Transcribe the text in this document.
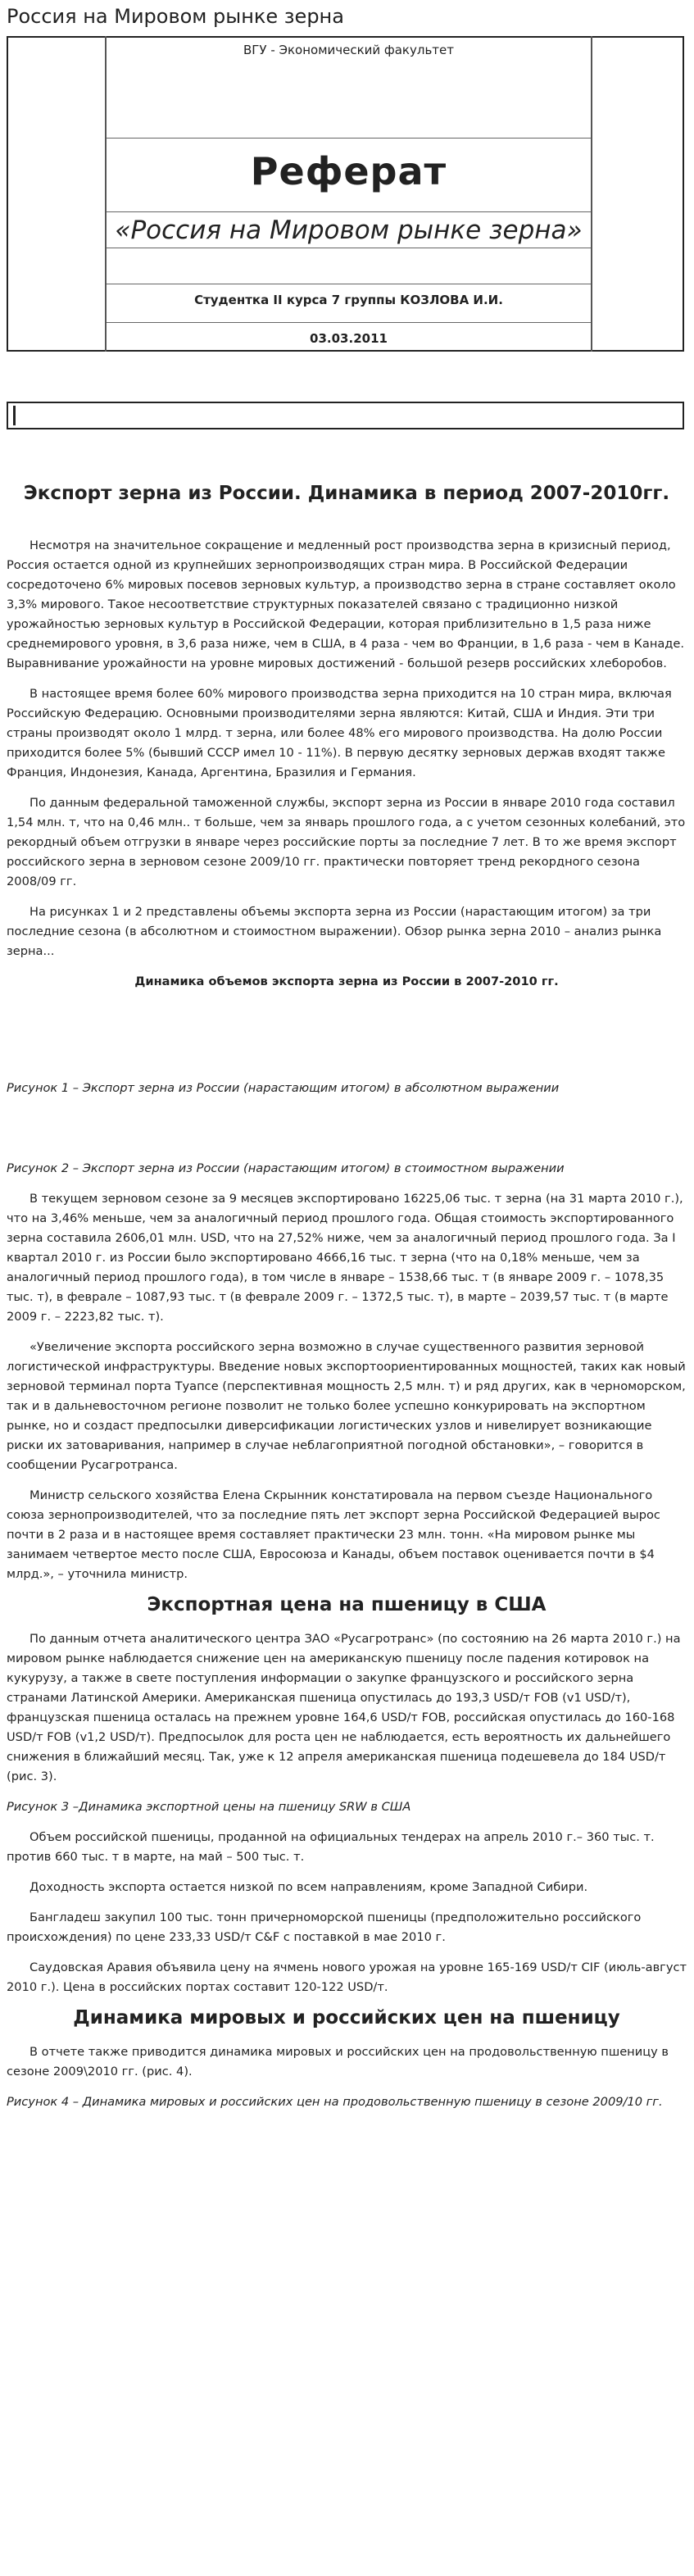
Россия на Мировом рынке зерна
ВГУ - Экономический факультет
Реферат
«Россия на Мировом рынке зерна»
Студентка II курса 7 группы КОЗЛОВА И.И.
03.03.2011
Экспорт зерна из России. Динамика в период 2007-2010гг.

Несмотря на значительное сокращение и медленный рост производства зерна в кризисный период, Россия остается одной из крупнейших зернопроизводящих стран мира. В Российской Федерации сосредоточено 6% мировых посевов зерновых культур, а производство зерна в стране составляет около 3,3% мирового. Такое несоответствие структурных показателей связано с традиционно низкой урожайностью зерновых культур в Российской Федерации, которая приблизительно в 1,5 раза ниже среднемирового уровня, в 3,6 раза ниже, чем в США, в 4 раза - чем во Франции, в 1,6 раза - чем в Канаде. Выравнивание урожайности на уровне мировых достижений - большой резерв российских хлеборобов.

В настоящее время более 60% мирового производства зерна приходится на 10 стран мира, включая Российскую Федерацию. Основными производителями зерна являются: Китай, США и Индия. Эти три страны производят около 1 млрд. т зерна, или более 48% его мирового производства. На долю России приходится более 5% (бывший СССР имел 10 - 11%). В первую десятку зерновых держав входят также Франция, Индонезия, Канада, Аргентина, Бразилия и Германия.

По данным федеральной таможенной службы, экспорт зерна из России в январе 2010 года составил 1,54 млн. т, что на 0,46 млн.. т больше, чем за январь прошлого года, а с учетом сезонных колебаний, это рекордный объем отгрузки в январе через российские порты за последние 7 лет. В то же время экспорт российского зерна в зерновом сезоне 2009/10 гг. практически повторяет тренд рекордного сезона 2008/09 гг.

На рисунках 1 и 2 представлены объемы экспорта зерна из России (нарастающим итогом) за три последние сезона (в абсолютном и стоимостном выражении). Обзор рынка зерна 2010 – анализ рынка зерна...

Динамика объемов экспорта зерна из России в 2007-2010 гг.

Рисунок 1 – Экспорт зерна из России (нарастающим итогом) в абсолютном выражении

Рисунок 2 – Экспорт зерна из России (нарастающим итогом) в стоимостном выражении

В текущем зерновом сезоне за 9 месяцев экспортировано 16225,06 тыс. т зерна (на 31 марта 2010 г.), что на 3,46% меньше, чем за аналогичный период прошлого года. Общая стоимость экспортированного зерна составила 2606,01 млн. USD, что на 27,52% ниже, чем за аналогичный период прошлого года. За I квартал 2010 г. из России было экспортировано 4666,16 тыс. т зерна (что на 0,18% меньше, чем за аналогичный период прошлого года), в том числе в январе – 1538,66 тыс. т (в январе 2009 г. – 1078,35 тыс. т), в феврале – 1087,93 тыс. т (в феврале 2009 г. – 1372,5 тыс. т), в марте – 2039,57 тыс. т (в марте 2009 г. – 2223,82 тыс. т).

«Увеличение экспорта российского зерна возможно в случае существенного развития зерновой логистической инфраструктуры. Введение новых экспортоориентированных мощностей, таких как новый зерновой терминал порта Туапсе (перспективная мощность 2,5 млн. т) и ряд других, как в черноморском, так и в дальневосточном регионе позволит не только более успешно конкурировать на экспортном рынке, но и создаст предпосылки диверсификации логистических узлов и нивелирует возникающие риски их затоваривания, например в случае неблагоприятной погодной обстановки», – говорится в сообщении Русагротранса.

Министр сельского хозяйства Елена Скрынник констатировала на первом съезде Национального союза зернопроизводителей, что за последние пять лет экспорт зерна Российской Федерацией вырос почти в 2 раза и в настоящее время составляет практически 23 млн. тонн. «На мировом рынке мы занимаем четвертое место после США, Евросоюза и Канады, объем поставок оценивается почти в $4 млрд.», – уточнила министр.

Экспортная цена на пшеницу в США

По данным отчета аналитического центра ЗАО «Русагротранс» (по состоянию на 26 марта 2010 г.) на мировом рынке наблюдается снижение цен на американскую пшеницу после падения котировок на кукурузу, а также в свете поступления информации о закупке французского и российского зерна странами Латинской Америки. Американская пшеница опустилась до 193,3 USD/т FOB (v1 USD/т), французская пшеница осталась на прежнем уровне 164,6 USD/т FOB, российская опустилась до 160-168 USD/т FOB (v1,2 USD/т). Предпосылок для роста цен не наблюдается, есть вероятность их дальнейшего снижения в ближайший месяц. Так, уже к 12 апреля американская пшеница подешевела до 184 USD/т (рис. 3).

Рисунок 3 –Динамика экспортной цены на пшеницу SRW в США

Объем российской пшеницы, проданной на официальных тендерах на апрель 2010 г.– 360 тыс. т. против 660 тыс. т в марте, на май – 500 тыс. т.

Доходность экспорта остается низкой по всем направлениям, кроме Западной Сибири.

Бангладеш закупил 100 тыс. тонн причерноморской пшеницы (предположительно российского происхождения) по цене 233,33 USD/т C&F с поставкой в мае 2010 г.

Саудовская Аравия объявила цену на ячмень нового урожая на уровне 165-169 USD/т CIF (июль-август 2010 г.). Цена в российских портах составит 120-122 USD/т.

Динамика мировых и российских цен на пшеницу

В отчете также приводится динамика мировых и российских цен на продовольственную пшеницу в сезоне 2009\2010 гг. (рис. 4).

Рисунок 4 – Динамика мировых и российских цен на продовольственную пшеницу в сезоне 2009/10 гг.
